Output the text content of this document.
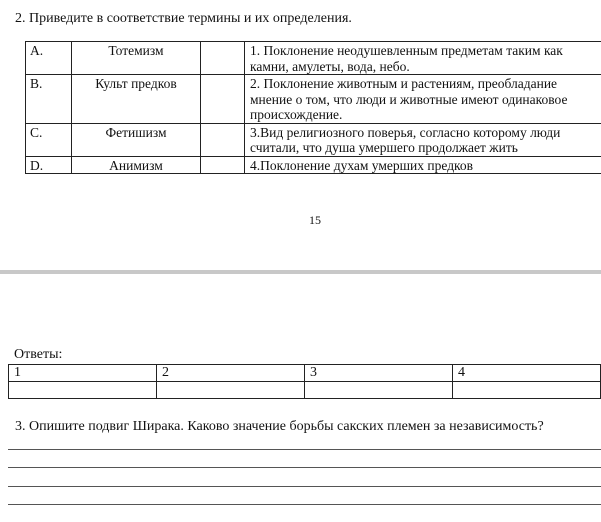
2. Приведите в соответствие термины и их определения.
A.	Тотемизм		1. Поклонение неодушевленным предметам таким как камни, амулеты, вода, небо.
B.	Культ предков		2. Поклонение животным и растениям, преобладание мнение о том, что люди и животные имеют одинаковое происхождение.
C.	Фетишизм		3.Вид религиозного поверья, согласно которому люди считали, что душа умершего продолжает жить
D.	Анимизм		4.Поклонение духам умерших предков
15
Ответы:
1	2	3	4

3. Опишите подвиг Ширака. Каково значение борьбы сакских племен за независимость?
